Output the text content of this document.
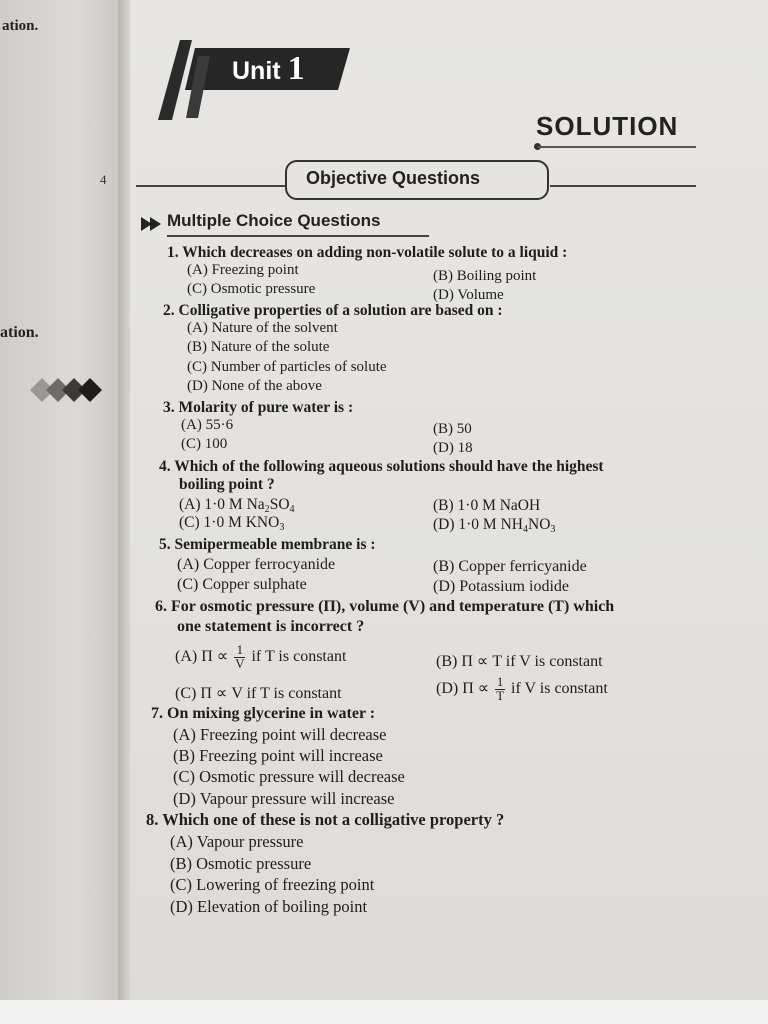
ation.
ation.
Unit 1
SOLUTION
4	Objective Questions
Multiple Choice Questions
1. Which decreases on adding non-volatile solute to a liquid :
(A) Freezing point	(B) Boiling point
(C) Osmotic pressure	(D) Volume
2. Colligative properties of a solution are based on :
(A) Nature of the solvent
(B) Nature of the solute
(C) Number of particles of solute
(D) None of the above
3. Molarity of pure water is :
(A) 55·6	(B) 50
(C) 100	(D) 18
4. Which of the following aqueous solutions should have the highest
boiling point ?
(A) 1·0 M $Na_2SO_4$	(B) 1·0 M NaOH
(C) 1·0 M $KNO_3$	(D) 1·0 M $NH_4NO_3$
5. Semipermeable membrane is :
(A) Copper ferrocyanide	(B) Copper ferricyanide
(C) Copper sulphate	(D) Potassium iodide
6. For osmotic pressure (Π), volume (V) and temperature (T) which
one statement is incorrect ?
(A) $\Pi \propto \frac{1}{V}$ if T is constant	(B) Π ∝ T if V is constant
(C) Π ∝ V if T is constant	(D) $\Pi \propto \frac{1}{T}$ if V is constant
7. On mixing glycerine in water :
(A) Freezing point will decrease
(B) Freezing point will increase
(C) Osmotic pressure will decrease
(D) Vapour pressure will increase
8. Which one of these is not a colligative property ?
(A) Vapour pressure
(B) Osmotic pressure
(C) Lowering of freezing point
(D) Elevation of boiling point
